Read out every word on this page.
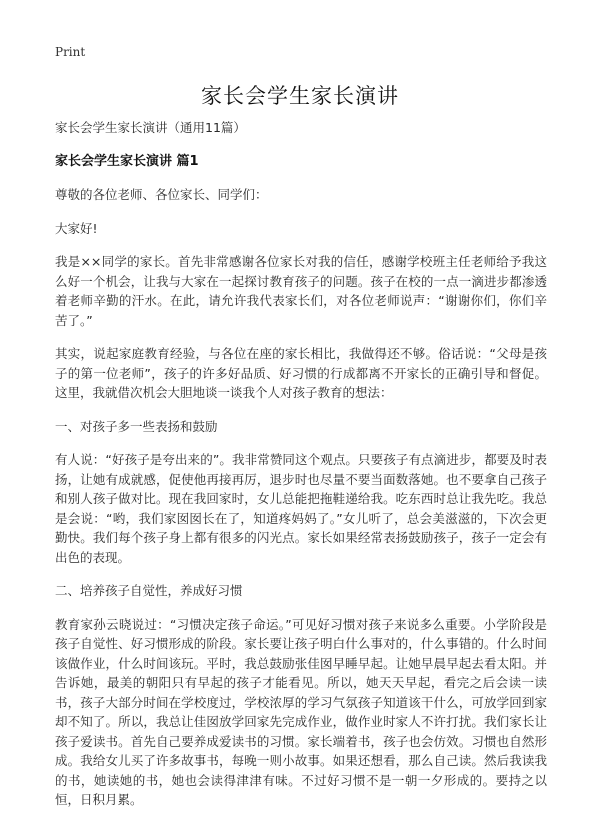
Print
家长会学生家长演讲

家长会学生家长演讲（通用11篇）

家长会学生家长演讲 篇1

尊敬的各位老师、各位家长、同学们：

大家好!

我是××同学的家长。首先非常感谢各位家长对我的信任，感谢学校班主任老师给予我这么好一个机会，让我与大家在一起探讨教育孩子的问题。孩子在校的一点一滴进步都渗透着老师辛勤的汗水。在此，请允许我代表家长们，对各位老师说声：“谢谢你们，你们辛苦了。”

其实，说起家庭教育经验，与各位在座的家长相比，我做得还不够。俗话说：“父母是孩子的第一位老师”，孩子的许多好品质、好习惯的行成都离不开家长的正确引导和督促。这里，我就借次机会大胆地谈一谈我个人对孩子教育的想法：

一、对孩子多一些表扬和鼓励

有人说：“好孩子是夸出来的”。我非常赞同这个观点。只要孩子有点滴进步，都要及时表扬，让她有成就感，促使他再接再厉，退步时也尽量不要当面数落她。也不要拿自己孩子和别人孩子做对比。现在我回家时，女儿总能把拖鞋递给我。吃东西时总让我先吃。我总是会说：“哟，我们家囡囡长在了，知道疼妈妈了。”女儿听了，总会美滋滋的，下次会更勤快。我们每个孩子身上都有很多的闪光点。家长如果经常表扬鼓励孩子，孩子一定会有出色的表现。

二、培养孩子自觉性，养成好习惯

教育家孙云晓说过：“习惯决定孩子命运。”可见好习惯对孩子来说多么重要。小学阶段是孩子自觉性、好习惯形成的阶段。家长要让孩子明白什么事对的，什么事错的。什么时间该做作业，什么时间该玩。平时，我总鼓励张佳囡早睡早起。让她早晨早起去看太阳。并告诉她，最美的朝阳只有早起的孩子才能看见。所以，她天天早起，看完之后会读一读书，孩子大部分时间在学校度过，学校浓厚的学习气氛孩子知道该干什么，可放学回到家却不知了。所以，我总让佳囡放学回家先完成作业，做作业时家人不许打扰。我们家长让孩子爱读书。首先自己要养成爱读书的习惯。家长端着书，孩子也会仿效。习惯也自然形成。我给女儿买了许多故事书，每晚一则小故事。如果还想看，那么自己读。然后我读我的书，她读她的书，她也会读得津津有味。不过好习惯不是一朝一夕形成的。要持之以恒，日积月累。
